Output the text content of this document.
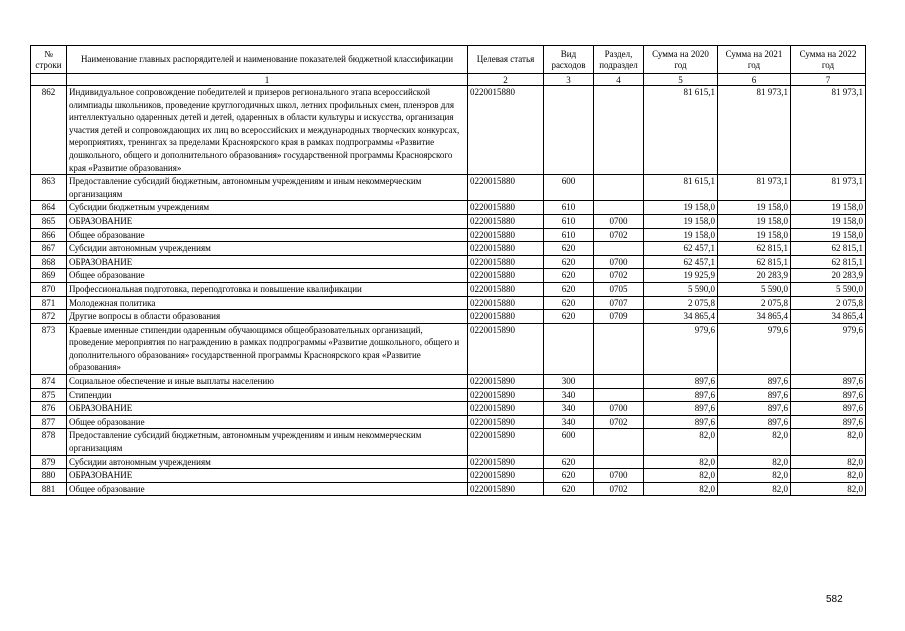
№ строки	Наименование главных распорядителей и наименование показателей бюджетной классификации	Целевая статья	Вид расходов	Раздел, подраздел	Сумма на 2020 год	Сумма на 2021 год	Сумма на 2022 год
	1	2	3	4	5	6	7
862	Индивидуальное сопровождение победителей и призеров регионального этапа всероссийской олимпиады школьников, проведение круглогодичных школ, летних профильных смен, пленэров для интеллектуально одаренных детей и детей, одаренных в области культуры и искусства, организация участия детей и сопровождающих их лиц во всероссийских и международных творческих конкурсах, мероприятиях, тренингах за пределами Красноярского края в рамках подпрограммы «Развитие дошкольного, общего и дополнительного образования» государственной программы Красноярского края «Развитие образования»	0220015880			81 615,1	81 973,1	81 973,1
863	Предоставление субсидий бюджетным, автономным учреждениям и иным некоммерческим организациям	0220015880	600		81 615,1	81 973,1	81 973,1
864	Субсидии бюджетным учреждениям	0220015880	610		19 158,0	19 158,0	19 158,0
865	ОБРАЗОВАНИЕ	0220015880	610	0700	19 158,0	19 158,0	19 158,0
866	Общее образование	0220015880	610	0702	19 158,0	19 158,0	19 158,0
867	Субсидии автономным учреждениям	0220015880	620		62 457,1	62 815,1	62 815,1
868	ОБРАЗОВАНИЕ	0220015880	620	0700	62 457,1	62 815,1	62 815,1
869	Общее образование	0220015880	620	0702	19 925,9	20 283,9	20 283,9
870	Профессиональная подготовка, переподготовка и повышение квалификации	0220015880	620	0705	5 590,0	5 590,0	5 590,0
871	Молодежная политика	0220015880	620	0707	2 075,8	2 075,8	2 075,8
872	Другие вопросы в области образования	0220015880	620	0709	34 865,4	34 865,4	34 865,4
873	Краевые именные стипендии одаренным обучающимся общеобразовательных организаций, проведение мероприятия по награждению в рамках подпрограммы «Развитие дошкольного, общего и дополнительного образования» государственной программы Красноярского края «Развитие образования»	0220015890			979,6	979,6	979,6
874	Социальное обеспечение и иные выплаты населению	0220015890	300		897,6	897,6	897,6
875	Стипендии	0220015890	340		897,6	897,6	897,6
876	ОБРАЗОВАНИЕ	0220015890	340	0700	897,6	897,6	897,6
877	Общее образование	0220015890	340	0702	897,6	897,6	897,6
878	Предоставление субсидий бюджетным, автономным учреждениям и иным некоммерческим организациям	0220015890	600		82,0	82,0	82,0
879	Субсидии автономным учреждениям	0220015890	620		82,0	82,0	82,0
880	ОБРАЗОВАНИЕ	0220015890	620	0700	82,0	82,0	82,0
881	Общее образование	0220015890	620	0702	82,0	82,0	82,0
582
